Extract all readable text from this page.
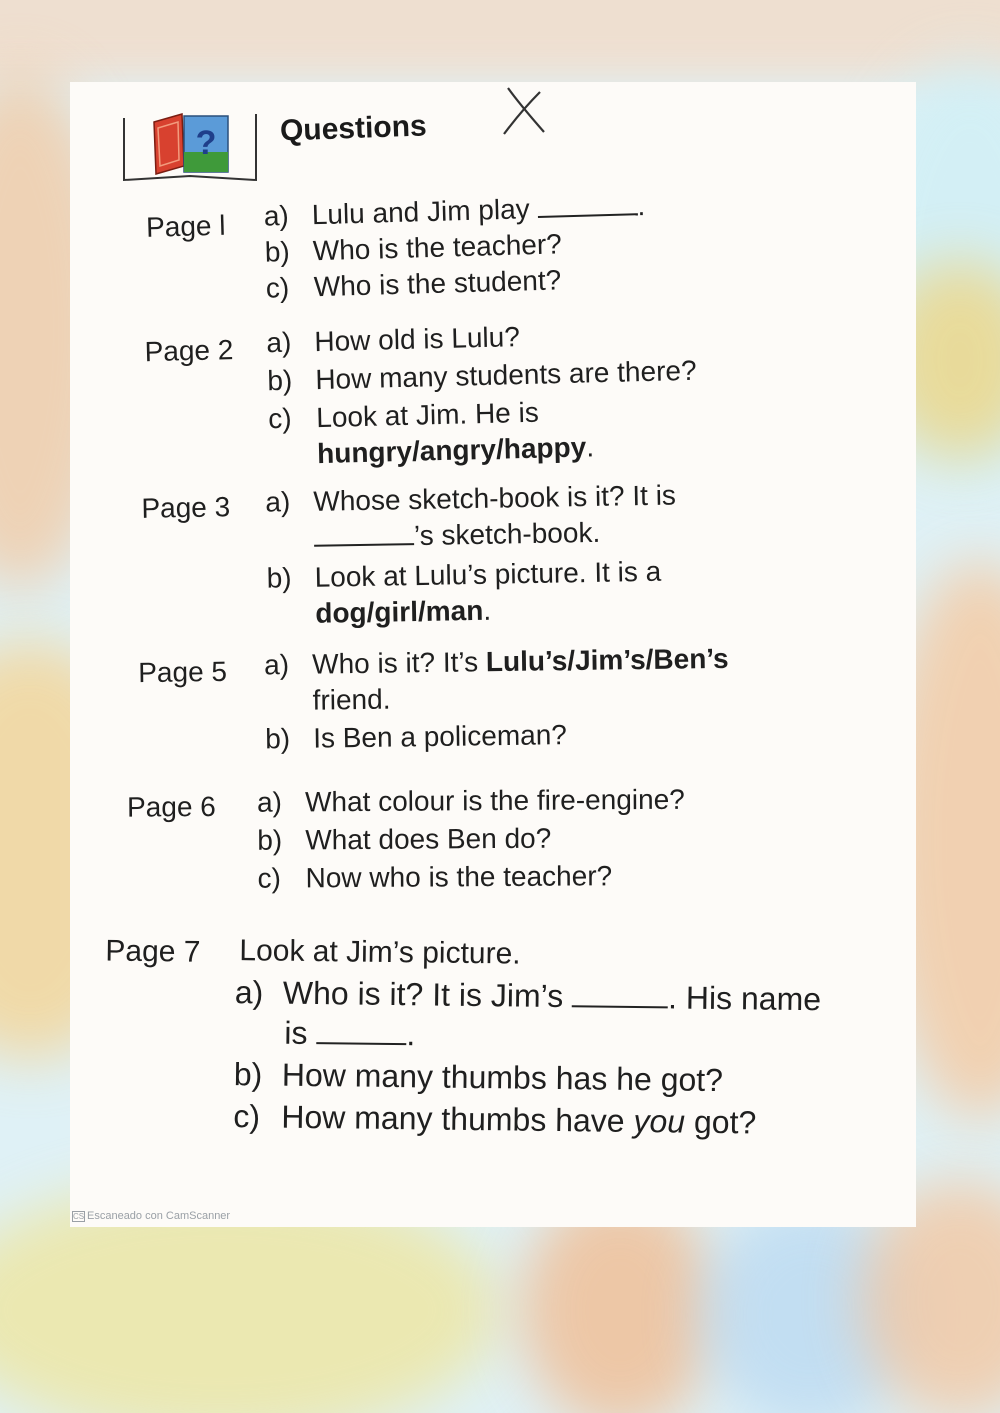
? Questions
Page l a) Lulu and Jim play	.
b) Who is the teacher?
c) Who is the student?
Page 2 a) How old is Lulu?
b) How many students are there?
c) Look at Jim. He is
hungry/angry/happy.
Page 3 a) Whose sketch-book is it? It is
’s sketch-book.
b) Look at Lulu’s picture. It is a
dog/girl/man.
Page 5 a) Who is it? It’s Lulu’s/Jim’s/Ben’s
friend.
b) Is Ben a policeman?
Page 6 a) What colour is the fire-engine?
b) What does Ben do?
c) Now who is the teacher?
Page 7 Look at Jim’s picture.
a) Who is it? It is Jim’s	. His name
is	.
b) How many thumbs has he got?
c) How many thumbs have you got?
CS Escaneado con CamScanner
